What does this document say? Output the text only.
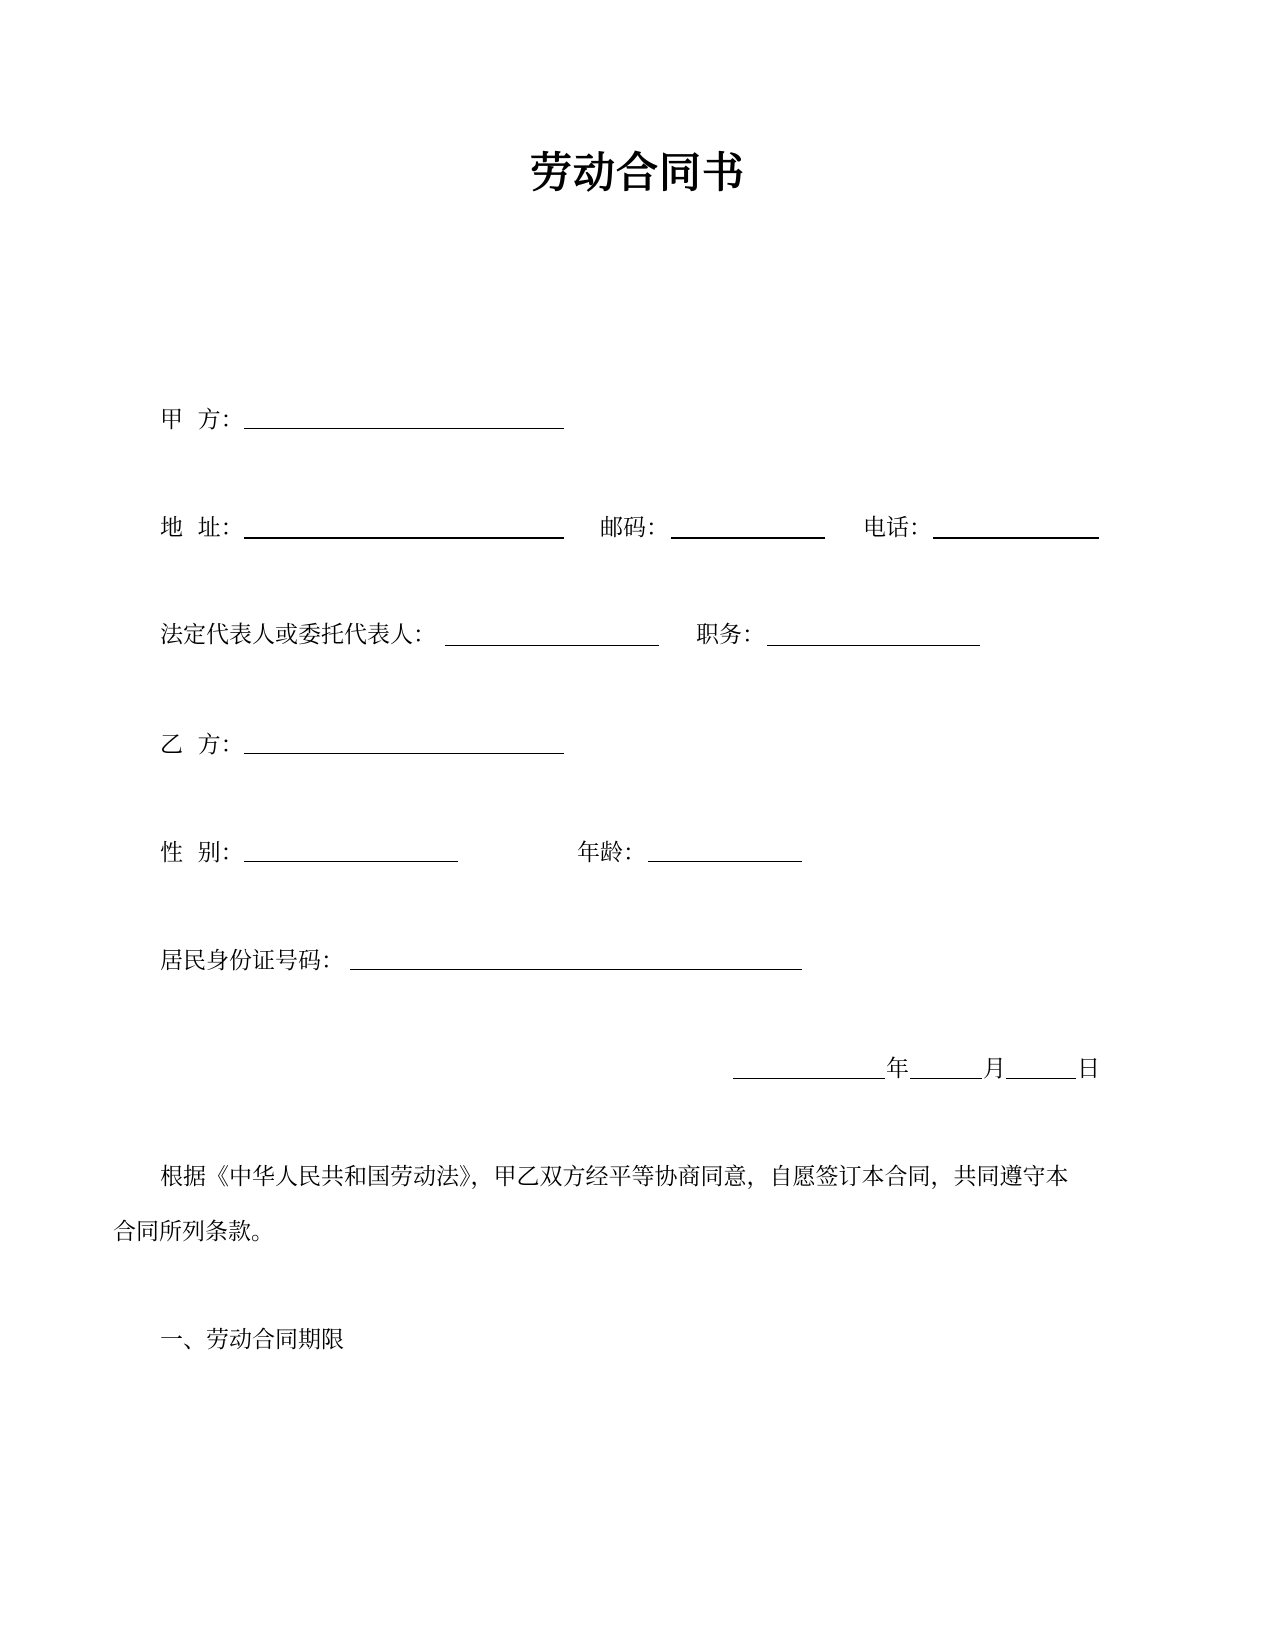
劳动合同书
甲  方：
地  址：	邮码：	电话：
法定代表人或委托代表人：	职务：
乙  方：
性  别：	年龄：
居民身份证号码：
年	月	日
根据《中华人民共和国劳动法》，甲乙双方经平等协商同意，自愿签订本合同，共同遵守本
合同所列条款。
一、劳动合同期限
